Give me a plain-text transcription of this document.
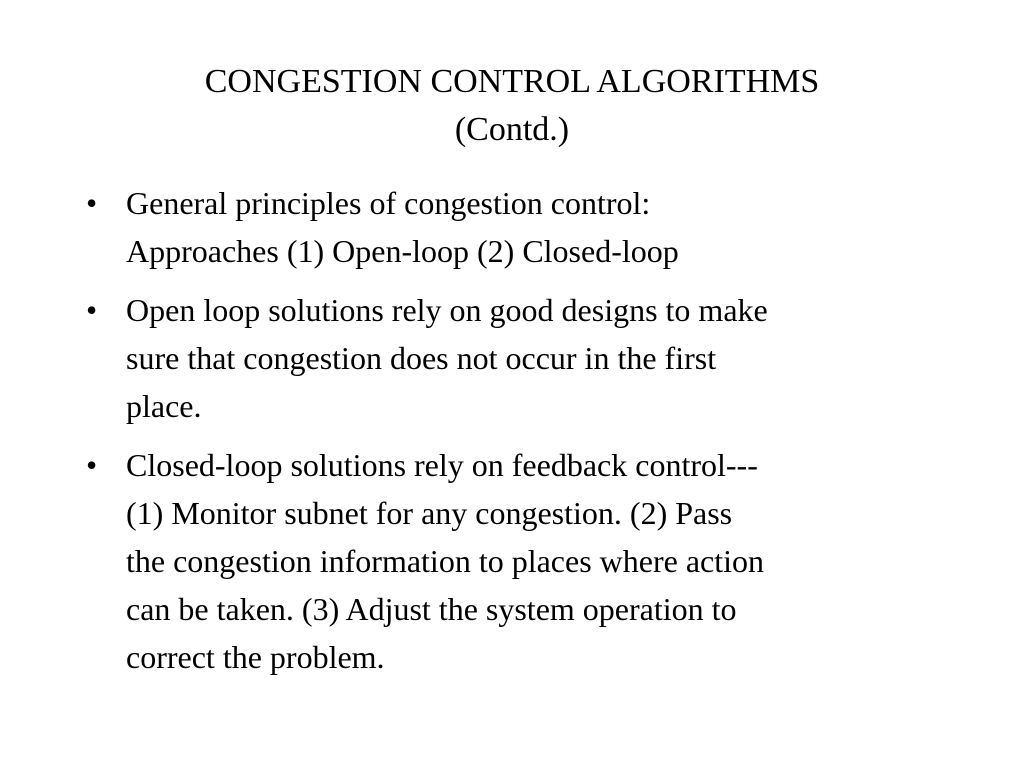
CONGESTION CONTROL ALGORITHMS
(Contd.)
• General principles of congestion control:
Approaches (1) Open-loop (2) Closed-loop
• Open loop solutions rely on good designs to make
sure that congestion does not occur in the first
place.
• Closed-loop solutions rely on feedback control---
(1) Monitor subnet for any congestion. (2) Pass
the congestion information to places where action
can be taken. (3) Adjust the system operation to
correct the problem.
